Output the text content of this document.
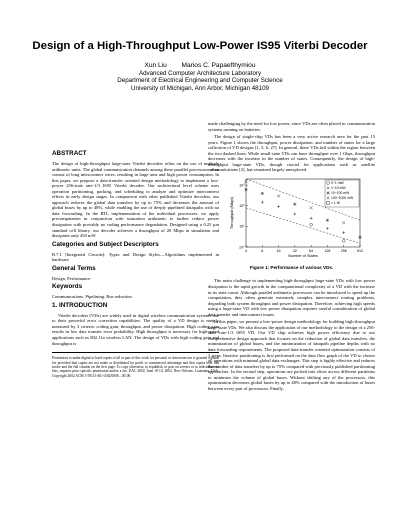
Design of a High-Throughput Low-Power IS95 Viterbi Decoder
Xun Liu        Marios C. Papaefthymiou
Advanced Computer Architecture Laboratory
Department of Electrical Engineering and Computer Science
University of Michigan, Ann Arbor, Michigan 48109
ABSTRACT

The design of high-throughput large-state Viterbi decoders relies on the use of multiple arithmetic units. The global communication channels among these parallel processors often consist of long interconnect wires, resulting in large area and high power consumption. In this paper, we propose a data-transfer oriented design methodology to implement a low-power 256-state rate-1/3 IS95 Viterbi decoder. Our architectural level scheme uses operation partitioning, packing, and scheduling to analyze and optimize interconnect effects in early design stages. In comparison with other published Viterbi decoders, our approach reduces the global data transfers by up to 75% and decreases the amount of global buses by up to 48%, while enabling the use of deeply pipelined datapaths with no data forwarding. In the RTL implementation of the individual processors, we apply precomputation in conjunction with saturation arithmetic to further reduce power dissipation with provably no coding performance degradation. Designed using a 0.25 μm standard cell library, our decoder achieves a throughput of 20 Mbps in simulation and dissipates only 450 mW.

Categories and Subject Descriptors

B.7.1 [Integrated Circuits]: Types and Design Styles—Algorithms implemented in hardware

General Terms

Design, Performance

Keywords

Communications, Pipelining, Bus reduction

1. INTRODUCTION

Viterbi decoders (VDs) are widely used in digital wireless communication systems due to their powerful error correction capabilities. The quality of a VD design is mainly measured by 3 criteria: coding gain, throughput, and power dissipation. High coding gain results in low data transfer error probability. High throughput is necessary for high-speed applications such as 802.11a wireless LAN. The design of VDs with high coding gain and throughput is

Permission to make digital or hard copies of all or part of this work for personal or classroom use is granted without fee provided that copies are not made or distributed for profit or commercial advantage and that copies bear this notice and the full citation on the first page. To copy otherwise, to republish, to post on servers or to redistribute to lists, requires prior specific permission and/or a fee. DAC 2002, June 10-14, 2002, New Orleans, Louisiana, USA. Copyright 2002 ACM 1-58113-461-4/02/0006 ...$5.00.

made challenging by the need for low power, since VDs are often placed in communication systems running on batteries.

The design of single-chip VDs has been a very active research area for the past 15 years. Figure 1 shows the throughput, power dissipation, and number of states for a large collection of VD designs [1, 3, 6, 27]. In general, these VDs fall within the region between the two dashed lines. While small-state VDs can have throughput over 1 Gbps, throughput decreases with the increase in the number of states. Consequently, the design of high-throughput large-state VDs, though crucial for applications such as satellite communications [2], has remained largely unexplored.

4	8	16	32	64	128	256	512
10⁰
10¹
10²
10³
Number of States
Throughput (Mbps)
0~1 mW
1~10 mW
10~100 mW
100~1000 mW
> 1 W

Figure 1: Performance of various VDs.

The main challenge in implementing high-throughput large-state VDs with low power dissipation is the rapid growth in the computational complexity of a VD with the increase in its state count. Although parallel arithmetic processors can be introduced to speed up the computation, they often generate extremely complex interconnect routing problems, degrading both system throughput and power dissipation. Therefore, achieving high speeds using a large-state VD with low power dissipation requires careful consideration of global data transfer and interconnect issues.

In this paper, we present a low-power design methodology for building high-throughput large-state VDs. We also discuss the application of our methodology to the design of a 256-state rate-1/3 IS95 VD. Our VD chip achieves high power efficiency due to our comprehensive design approach that focuses on the reduction of global data transfers, the minimization of global buses, and the minimization of datapath pipeline depths with no data forwarding requirements. The proposed data-transfer oriented optimization consists of 3 steps. Iterative partitioning is first performed on the data flow graph of the VD to cluster all operations with minimal global data exchanges. This step is highly effective and reduces the number of data transfers by up to 75% compared with previously published partitioning approaches. In the second step, operations are packed into slices across different partitions to minimize the volume of global buses. Without shifting any of the processors, this optimization decreases global buses by up to 48% compared with the introduction of buses between every pair of processors. Finally,
